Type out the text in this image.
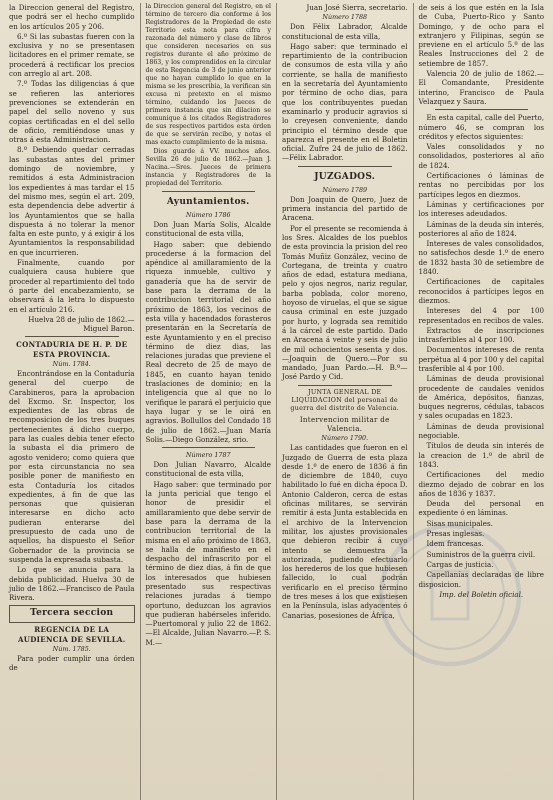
la Direccion general del Registro, que podrá ser el hecho cumplido en los artículos 205 y 206.

6.º Si las subastas fueren con la exclusiva y no se presentasen licitadores en el primer remate, se procederá á rectificar los precios con arreglo al art. 208.

7.º Todas las diligencias á que se refieren las anteriores prevenciones se extenderán en papel del sello noveno y sus copias certificadas en el del sello de oficio, remitiéndose unas y otras á esta Administracion.

8.º Debiendo quedar cerradas las subastas antes del primer domingo de noviembre, y remitidos á esta Administracion los expedientes á mas tardar el 15 del mismo mes, según el art. 209, esta dependencia debe advertir á los Ayuntamientos que se halla dispuesta á no tolerar la menor falta en este punto, y á exigir á los Ayuntamientos la responsabilidad en que incurrieren.

Finalmente, cuando por cualquiera causa hubiere que proceder al repartimiento del todo ó parte del encabezamiento, se observará á la letra lo dispuesto en el artículo 216.

Huelva 28 de julio de 1862.—Miguel Baron.

CONTADURIA DE H. P. DE ESTA PROVINCIA.

Núm. 1784.

Encontrándose en la Contaduría general del cuerpo de Carabineros, para la aprobacion del Excmo. Sr. Inspector, los expedientes de las obras de recomposicion de los tres buques pertenecientes á dicho cuerpo, para las cuales debia tener efecto la subasta el dia primero de agosto venidero; como quiera que por esta circunstancia no sea posible poner de manifiesto en esta Contaduría los citados expedientes, á fin de que las personas que quisieran interesarse en dicho acto pudieran enterarse del presupuesto de cada uno de aquellos, ha dispuesto el Señor Gobernador de la provincia se suspenda la expresada subasta.

Lo que se anuncia para la debida publicidad. Huelva 30 de julio de 1862.—Francisco de Paula Rivera.

Tercera seccion

REGENCIA DE LA AUDIENCIA DE SEVILLA.

Núm. 1785.

Para poder cumplir una órden de

la Direccion general del Registro, en el término de tercero dia conforme á los Registradores de la Propiedad de este Territorio esta nota para cifra y razonada del número y clase de libros que consideren necesarios en sus registros durante el año próximo de 1863, y los comprendidos en la circular de esta Regencia de 3 de junio anterior que no hayan cumplido lo que en la misma se les prescribia, la verifican sin excusa ni pretexto en el mismo término, cuidando los Jueces de primera instancia que sin dilacion se comunique á los citados Registradores de sus respectivos partidos esta órden de que se servirán recibo, y notas el mas exacto cumplimiento de la misma.

Dios guarde á VV. muchos años. Sevilla 26 de julio de 1862.—Juan J. Nacina.—Sres. Jueces de primera instancia y Registradores de la propiedad del Territorio.

Ayuntamientos.

Número 1786

Don Juan María Solis, Alcalde constitucional de esta villa,

Hago saber: que debiendo procederse á la formacion del apéndice al amillaramiento de la riqueza inmueble, cultivo y ganadería que ha de servir de base para la derrama de la contribucion territorial del año próximo de 1863, los vecinos de esta villa y hacendados forasteros presentarán en la Secretaría de este Ayuntamiento y en el preciso término de diez dias, las relaciones juradas que previene el Real decreto de 25 de mayo de 1845, en cuanto hayan tenido traslaciones de dominio; en la inteligencia que al que no lo verifique le parará el perjuicio que haya lugar y se le oirá en agravios. Bollullos del Condado 18 de julio de 1862.—Juan María Solis.—Diego González, srio.

Número 1787

Don Julian Navarro, Alcalde constitucional de esta villa,

Hago saber: que terminado por la junta pericial que tengo el honor de presidir el amillaramiento que debe servir de base para la derrama de la contribucion territorial de la misma en el año próximo de 1863, se halla de manifiesto en el despacho del infrascrito por el término de diez dias, á fin de que los interesados que hubiesen presentado sus respectivas relaciones juradas á tiempo oportuno, deduzcan los agravios que pudieran habérseles inferido.—Puertomoral y julio 22 de 1862.—El Alcalde, Julian Navarro.—P. S. M.—

Juan José Sierra, secretario.

Número 1788

Don Félix Labrador, Alcalde constitucional de esta villa,

Hago saber: que terminado el repartimiento de la contribucion de consumos de esta villa y año corriente, se halla de manifiesto en la secretaría del Ayuntamiento por término de ocho dias, para que los contribuyentes puedan examinarlo y producir agravios si lo creyesen conveniente, dando principio el término desde que aparezca el presente en el Boletin oficial. Zufre 24 de julio de 1862.—Félix Labrador.

JUZGADOS.

Número 1789

Don Joaquin de Quero, Juez de primera instancia del partido de Aracena.

Por el presente se recomienda á los Sres. Alcaldes de los pueblos de esta provincia la prision del reo Tomás Muñiz González, vecino de Cortegana, de treinta y cuatro años de edad, estatura mediana, pelo y ojos negros, nariz regular, barba poblada, color moreno, hoyoso de viruelas, el que se sigue causa criminal en este juzgado por hurto, y lograda sea remitido á la cárcel de este partido. Dado en Aracena á veinte y seis de julio de mil ochocientos sesenta y dos.—Joaquin de Quero.—Por su mandado, Juan Pardo.—H. B.º—José Pardo y Cid.

JUNTA GENERAL DE LIQUIDACION del personal de guerra del distrito de Valencia.

Intervencion militar de Valencia.

Número 1790.

Las cantidades que fueron en el Juzgado de Guerra de esta plaza desde 1.º de enero de 1836 á fin de diciembre de 1840, cuyo habilitado lo fué en dicha época D. Antonio Calderon, cerca de estas oficinas militares, se servirán remitir á esta Junta establecida en el archivo de la Intervencion militar, los ajustes provisionales que debieron recibir á cuyo intento se demuestra la autorizada, pudiendo efectuarlo los herederos de los que hubiesen fallecido, lo cual podrán verificarlo en el preciso término de tres meses á los que existiesen en la Península, islas adyacentes ó Canarias, posesiones de África,

de seis á los que estén en la Isla de Cuba, Puerto-Rico y Santo Domingo, y de ocho para el extranjero y Filipinas, según se previene en el artículo 5.º de las Reales Instrucciones del 2 de setiembre de 1857.

Valencia 20 de julio de 1862.—El Comandante, Presidente interino, Francisco de Paula Velazquez y Saura.

En esta capital, calle del Puerto, número 46, se compran los créditos y efectos siguientes:

Vales consolidados y no consolidados, posteriores al año de 1824.

Certificaciones ó láminas de rentas no percibidas por los partícipes legos en diezmos.

Láminas y certificaciones por los intereses adeudados.

Láminas de la deuda sin interés, posteriores al año de 1824.

Intereses de vales consolidados, no satisfechos desde 1.º de enero de 1832 hasta 30 de setiembre de 1840.

Certificaciones de capitales reconocidos á partícipes legos en diezmos.

Intereses del 4 por 100 representados en recibos de vales.

Extractos de inscripciones intrasferibles al 4 por 100.

Documentos intereses de renta perpétua al 4 por 100 y del capital trasferible al 4 por 100.

Láminas de deuda provisional procedente de caudales venidos de América, depósitos, fianzas, buques negreros, cédulas, tabacos y sales ocupadas en 1823.

Láminas de deuda provisional negociable.

Títulos de deuda sin interés de la creacion de 1.º de abril de 1843.

Certificaciones del medio diezmo dejado de cobrar en los años de 1836 y 1837.

Deuda del personal en expediente ó en láminas.

Sisas municipales.

Presas inglesas.

Idem francesas.

Suministros de la guerra civil.

Cargas de justicia.

Capellanías declaradas de libre disposicion.

Imp. del Boletin oficial.
